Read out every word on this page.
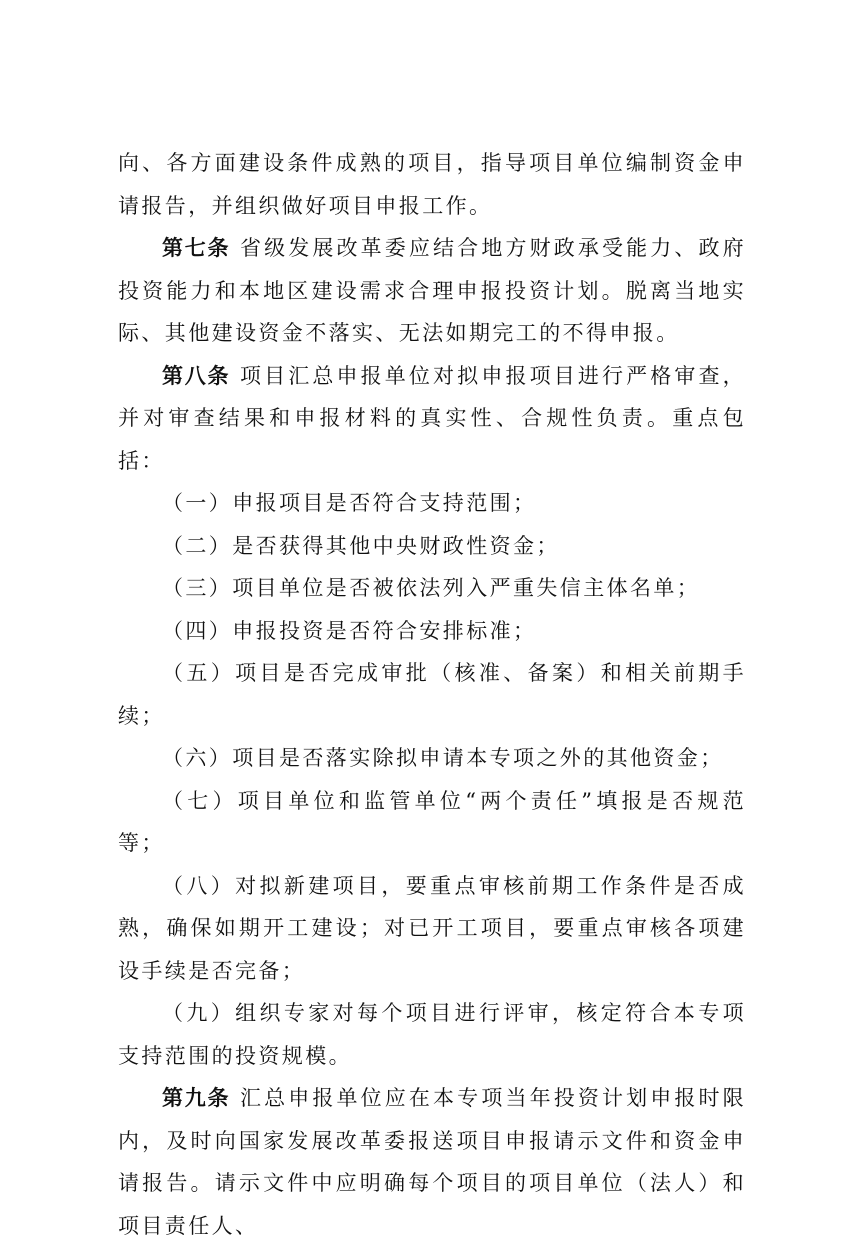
向、各方面建设条件成熟的项目，指导项目单位编制资金申请报告，并组织做好项目申报工作。

第七条 省级发展改革委应结合地方财政承受能力、政府投资能力和本地区建设需求合理申报投资计划。脱离当地实际、其他建设资金不落实、无法如期完工的不得申报。

第八条 项目汇总申报单位对拟申报项目进行严格审查，并对审查结果和申报材料的真实性、合规性负责。重点包括：

（一）申报项目是否符合支持范围；

（二）是否获得其他中央财政性资金；

（三）项目单位是否被依法列入严重失信主体名单；

（四）申报投资是否符合安排标准；

（五）项目是否完成审批（核准、备案）和相关前期手续；

（六）项目是否落实除拟申请本专项之外的其他资金；

（七）项目单位和监管单位“两个责任”填报是否规范等；

（八）对拟新建项目，要重点审核前期工作条件是否成熟，确保如期开工建设；对已开工项目，要重点审核各项建设手续是否完备；

（九）组织专家对每个项目进行评审，核定符合本专项支持范围的投资规模。

第九条 汇总申报单位应在本专项当年投资计划申报时限内，及时向国家发展改革委报送项目申报请示文件和资金申请报告。请示文件中应明确每个项目的项目单位（法人）和项目责任人、
